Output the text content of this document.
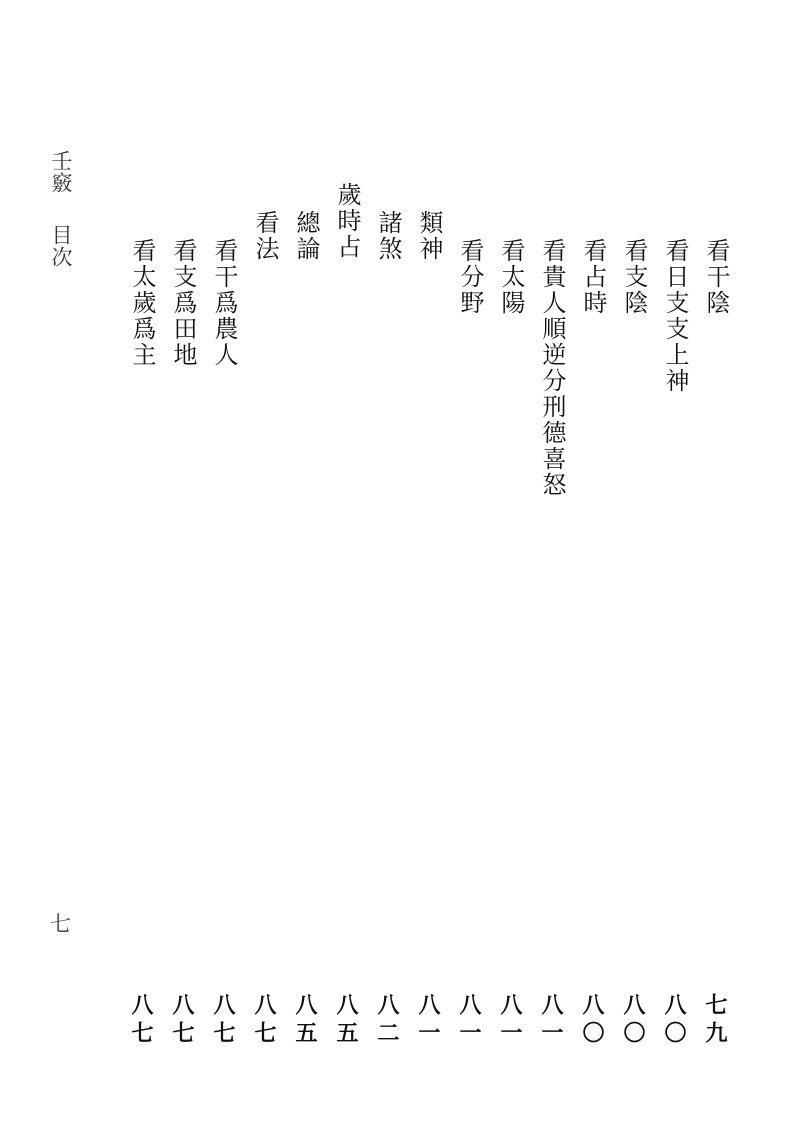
壬竅
目次	看干陰
看日支支上神
看支陰
看占時
看貴人順逆分刑德喜怒
看太陽
看分野
類神
諸煞
歲時占
總論
看法
看干爲農人
看支爲田地
看太歲爲主
七
七九
八〇
八〇
八〇
八一
八一
八一
八一
八二
八五
八五
八七
八七
八七
八七
